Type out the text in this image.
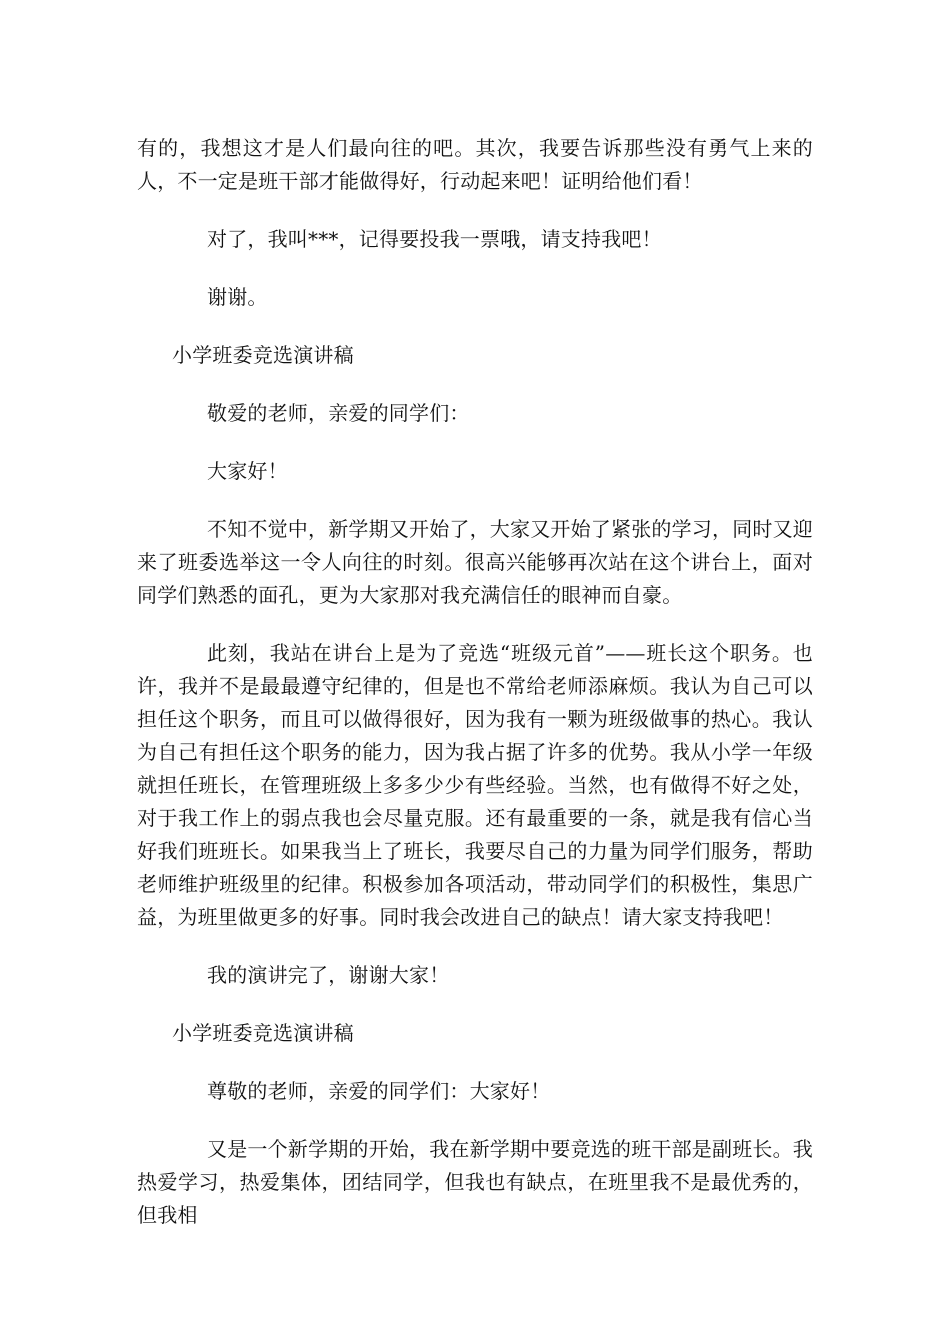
有的，我想这才是人们最向往的吧。其次，我要告诉那些没有勇气上来的人，不一定是班干部才能做得好，行动起来吧！证明给他们看！

对了，我叫***，记得要投我一票哦，请支持我吧！

谢谢。

小学班委竞选演讲稿

敬爱的老师，亲爱的同学们：

大家好！

不知不觉中，新学期又开始了，大家又开始了紧张的学习，同时又迎来了班委选举这一令人向往的时刻。很高兴能够再次站在这个讲台上，面对同学们熟悉的面孔，更为大家那对我充满信任的眼神而自豪。

此刻，我站在讲台上是为了竞选“班级元首”——班长这个职务。也许，我并不是最最遵守纪律的，但是也不常给老师添麻烦。我认为自己可以担任这个职务，而且可以做得很好，因为我有一颗为班级做事的热心。我认为自己有担任这个职务的能力，因为我占据了许多的优势。我从小学一年级就担任班长，在管理班级上多多少少有些经验。当然，也有做得不好之处，对于我工作上的弱点我也会尽量克服。还有最重要的一条，就是我有信心当好我们班班长。如果我当上了班长，我要尽自己的力量为同学们服务，帮助老师维护班级里的纪律。积极参加各项活动，带动同学们的积极性，集思广益，为班里做更多的好事。同时我会改进自己的缺点！请大家支持我吧！

我的演讲完了，谢谢大家！

小学班委竞选演讲稿

尊敬的老师，亲爱的同学们：大家好！

又是一个新学期的开始，我在新学期中要竞选的班干部是副班长。我热爱学习，热爱集体，团结同学，但我也有缺点，在班里我不是最优秀的，但我相
